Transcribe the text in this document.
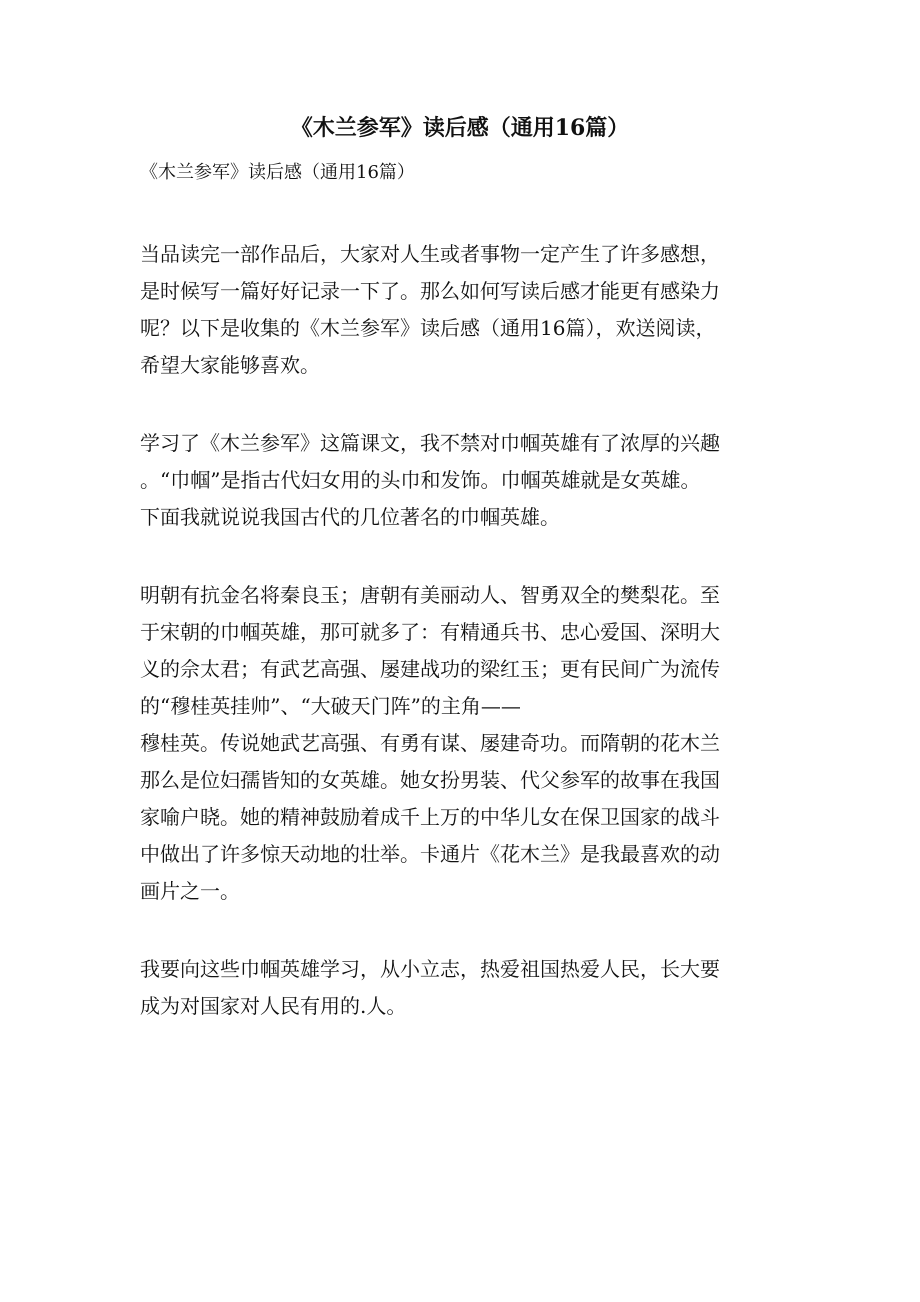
《木兰参军》读后感（通用16篇）

《木兰参军》读后感（通用16篇）

当品读完一部作品后，大家对人生或者事物一定产生了许多感想，
是时候写一篇好好记录一下了。那么如何写读后感才能更有感染力
呢？以下是收集的《木兰参军》读后感（通用16篇），欢送阅读，
希望大家能够喜欢。

学习了《木兰参军》这篇课文，我不禁对巾帼英雄有了浓厚的兴趣
。“巾帼”是指古代妇女用的头巾和发饰。巾帼英雄就是女英雄。
下面我就说说我国古代的几位著名的巾帼英雄。

明朝有抗金名将秦良玉；唐朝有美丽动人、智勇双全的樊梨花。至
于宋朝的巾帼英雄，那可就多了：有精通兵书、忠心爱国、深明大
义的佘太君；有武艺高强、屡建战功的梁红玉；更有民间广为流传
的“穆桂英挂帅”、“大破天门阵”的主角——
穆桂英。传说她武艺高强、有勇有谋、屡建奇功。而隋朝的花木兰
那么是位妇孺皆知的女英雄。她女扮男装、代父参军的故事在我国
家喻户晓。她的精神鼓励着成千上万的中华儿女在保卫国家的战斗
中做出了许多惊天动地的壮举。卡通片《花木兰》是我最喜欢的动
画片之一。

我要向这些巾帼英雄学习，从小立志，热爱祖国热爱人民，长大要
成为对国家对人民有用的.人。
